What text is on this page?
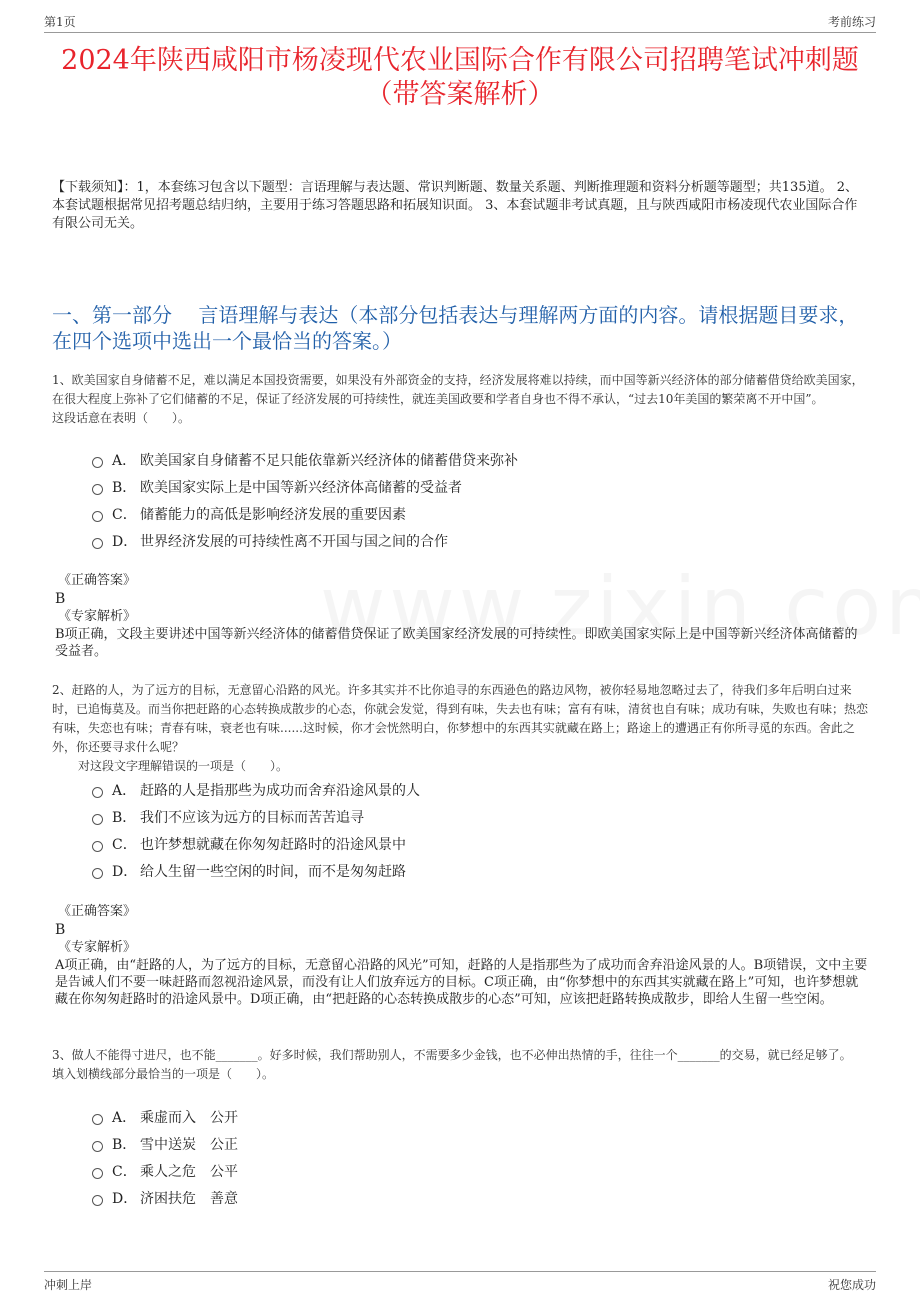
第1页	考前练习
2024年陕西咸阳市杨凌现代农业国际合作有限公司招聘笔试冲刺题（带答案解析）
【下载须知】：1，本套练习包含以下题型：言语理解与表达题、常识判断题、数量关系题、判断推理题和资料分析题等题型；共135道。 2、本套试题根据常见招考题总结归纳，主要用于练习答题思路和拓展知识面。 3、本套试题非考试真题，且与陕西咸阳市杨凌现代农业国际合作有限公司无关。
一、第一部分　 言语理解与表达（本部分包括表达与理解两方面的内容。请根据题目要求，在四个选项中选出一个最恰当的答案。）
1、欧美国家自身储蓄不足，难以满足本国投资需要，如果没有外部资金的支持，经济发展将难以持续，而中国等新兴经济体的部分储蓄借贷给欧美国家，在很大程度上弥补了它们储蓄的不足，保证了经济发展的可持续性，就连美国政要和学者自身也不得不承认，“过去10年美国的繁荣离不开中国”。
这段话意在表明（　　）。
A． 欧美国家自身储蓄不足只能依靠新兴经济体的储蓄借贷来弥补
B． 欧美国家实际上是中国等新兴经济体高储蓄的受益者
C． 储蓄能力的高低是影响经济发展的重要因素
D． 世界经济发展的可持续性离不开国与国之间的合作
《正确答案》
B
《专家解析》
B项正确，文段主要讲述中国等新兴经济体的储蓄借贷保证了欧美国家经济发展的可持续性。即欧美国家实际上是中国等新兴经济体高储蓄的受益者。
2、赶路的人，为了远方的目标，无意留心沿路的风光。许多其实并不比你追寻的东西逊色的路边风物，被你轻易地忽略过去了，待我们多年后明白过来时，已追悔莫及。而当你把赶路的心态转换成散步的心态，你就会发觉，得到有味，失去也有味；富有有味，清贫也自有味；成功有味，失败也有味；热恋有味，失恋也有味；青春有味，衰老也有味......这时候，你才会恍然明白，你梦想中的东西其实就藏在路上；路途上的遭遇正有你所寻觅的东西。舍此之外，你还要寻求什么呢？
对这段文字理解错误的一项是（　　）。
A． 赶路的人是指那些为成功而舍弃沿途风景的人
B． 我们不应该为远方的目标而苦苦追寻
C． 也许梦想就藏在你匆匆赶路时的沿途风景中
D． 给人生留一些空闲的时间，而不是匆匆赶路
《正确答案》
B
《专家解析》
A项正确，由“赶路的人，为了远方的目标，无意留心沿路的风光”可知，赶路的人是指那些为了成功而舍弃沿途风景的人。B项错误，文中主要是告诫人们不要一味赶路而忽视沿途风景，而没有让人们放弃远方的目标。C项正确，由“你梦想中的东西其实就藏在路上”可知，也许梦想就藏在你匆匆赶路时的沿途风景中。D项正确，由“把赶路的心态转换成散步的心态”可知，应该把赶路转换成散步，即给人生留一些空闲。
3、做人不能得寸进尺，也不能_______。好多时候，我们帮助别人，不需要多少金钱，也不必伸出热情的手，往往一个_______的交易，就已经足够了。
填入划横线部分最恰当的一项是（　　）。
A． 乘虚而入　公开
B． 雪中送炭　公正
C． 乘人之危　公平
D． 济困扶危　善意
冲刺上岸	祝您成功
